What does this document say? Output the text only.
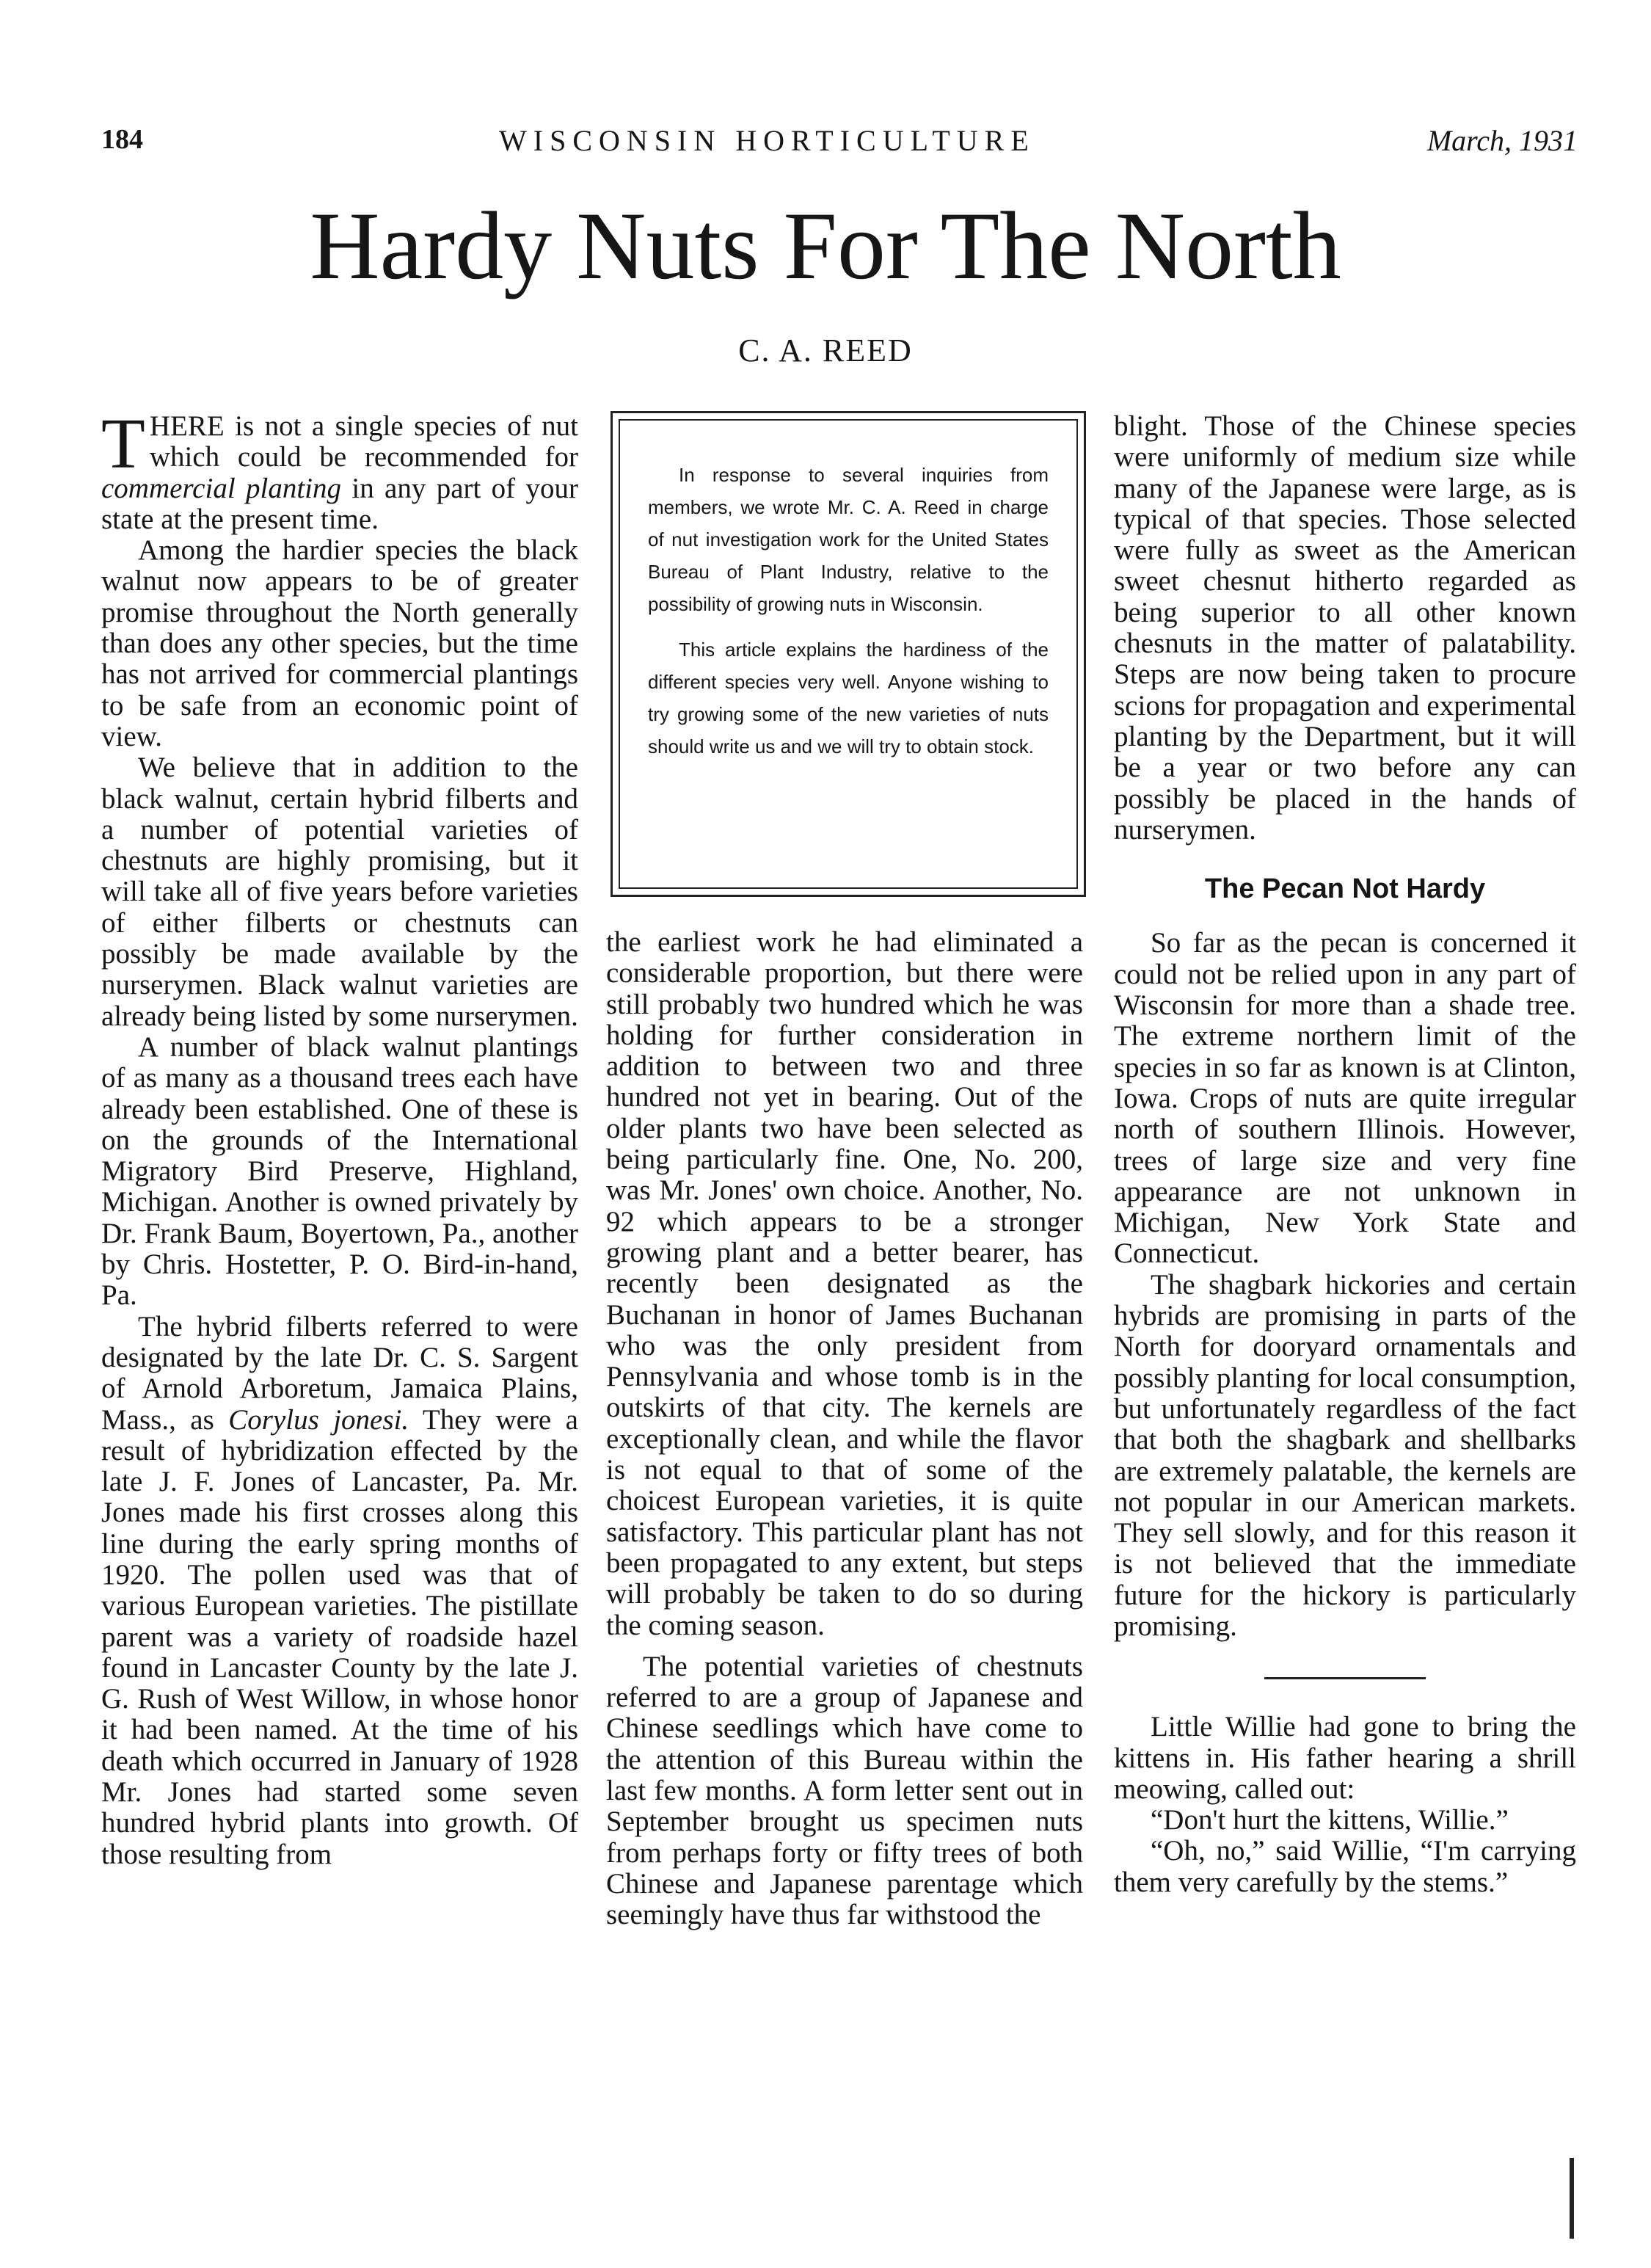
184	WISCONSIN HORTICULTURE	March, 1931
Hardy Nuts For The North
C. A. REED

THERE is not a single species of nut which could be recommended for commercial planting in any part of your state at the present time.

Among the hardier species the black walnut now appears to be of greater promise throughout the North generally than does any other species, but the time has not arrived for commercial plantings to be safe from an economic point of view.

We believe that in addition to the black walnut, certain hybrid filberts and a number of potential varieties of chestnuts are highly promising, but it will take all of five years before varieties of either filberts or chestnuts can possibly be made available by the nurserymen. Black walnut varieties are already being listed by some nurserymen.

A number of black walnut plantings of as many as a thousand trees each have already been established. One of these is on the grounds of the International Migratory Bird Preserve, Highland, Michigan. Another is owned privately by Dr. Frank Baum, Boyertown, Pa., another by Chris. Hostetter, P. O. Bird-in-hand, Pa.

The hybrid filberts referred to were designated by the late Dr. C. S. Sargent of Arnold Arboretum, Jamaica Plains, Mass., as Corylus jonesi. They were a result of hybridization effected by the late J. F. Jones of Lancaster, Pa. Mr. Jones made his first crosses along this line during the early spring months of 1920. The pollen used was that of various European varieties. The pistillate parent was a variety of roadside hazel found in Lancaster County by the late J. G. Rush of West Willow, in whose honor it had been named. At the time of his death which occurred in January of 1928 Mr. Jones had started some seven hundred hybrid plants into growth. Of those resulting from

In response to several inquiries from members, we wrote Mr. C. A. Reed in charge of nut investigation work for the United States Bureau of Plant Industry, relative to the possibility of growing nuts in Wisconsin.

This article explains the hardiness of the different species very well. Anyone wishing to try growing some of the new varieties of nuts should write us and we will try to obtain stock.

the earliest work he had eliminated a considerable proportion, but there were still probably two hundred which he was holding for further consideration in addition to between two and three hundred not yet in bearing. Out of the older plants two have been selected as being particularly fine. One, No. 200, was Mr. Jones' own choice. Another, No. 92 which appears to be a stronger growing plant and a better bearer, has recently been designated as the Buchanan in honor of James Buchanan who was the only president from Pennsylvania and whose tomb is in the outskirts of that city. The kernels are exceptionally clean, and while the flavor is not equal to that of some of the choicest European varieties, it is quite satisfactory. This particular plant has not been propagated to any extent, but steps will probably be taken to do so during the coming season.

The potential varieties of chestnuts referred to are a group of Japanese and Chinese seedlings which have come to the attention of this Bureau within the last few months. A form letter sent out in September brought us specimen nuts from perhaps forty or fifty trees of both Chinese and Japanese parentage which seemingly have thus far withstood the

blight. Those of the Chinese species were uniformly of medium size while many of the Japanese were large, as is typical of that species. Those selected were fully as sweet as the American sweet chesnut hitherto regarded as being superior to all other known chesnuts in the matter of palatability. Steps are now being taken to procure scions for propagation and experimental planting by the Department, but it will be a year or two before any can possibly be placed in the hands of nurserymen.

The Pecan Not Hardy

So far as the pecan is concerned it could not be relied upon in any part of Wisconsin for more than a shade tree. The extreme northern limit of the species in so far as known is at Clinton, Iowa. Crops of nuts are quite irregular north of southern Illinois. However, trees of large size and very fine appearance are not unknown in Michigan, New York State and Connecticut.

The shagbark hickories and certain hybrids are promising in parts of the North for dooryard ornamentals and possibly planting for local consumption, but unfortunately regardless of the fact that both the shagbark and shellbarks are extremely palatable, the kernels are not popular in our American markets. They sell slowly, and for this reason it is not believed that the immediate future for the hickory is particularly promising.

Little Willie had gone to bring the kittens in. His father hearing a shrill meowing, called out:

“Don't hurt the kittens, Willie.”

“Oh, no,” said Willie, “I'm carrying them very carefully by the stems.”
